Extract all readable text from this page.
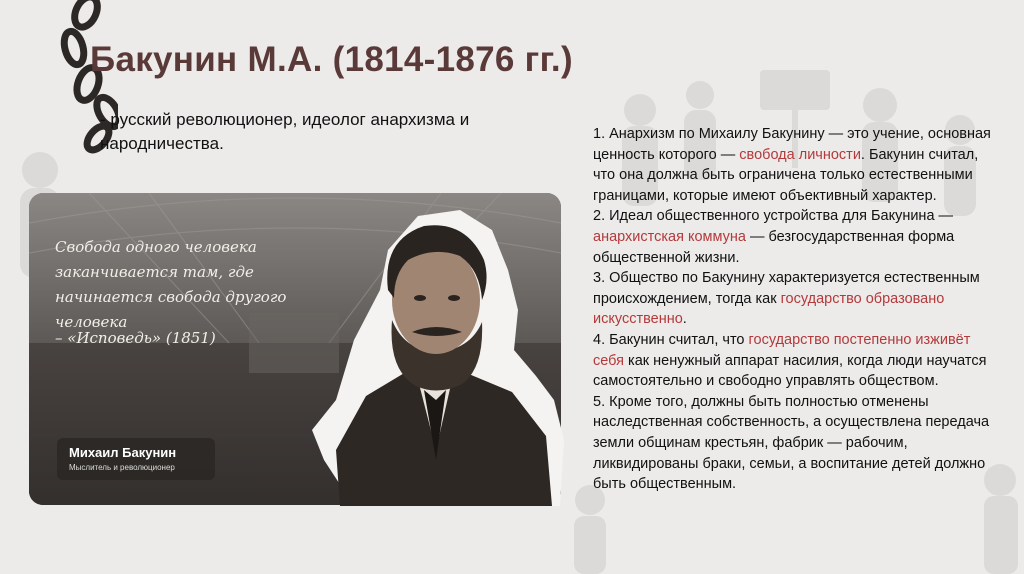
Бакунин М.А. (1814-1876 гг.)
- русский революционер, идеолог анархизма и народничества.
Свобода одного человека заканчивается там, где начинается свобода другого человека
– «Исповедь» (1851)
Михаил Бакунин
Мыслитель и революционер

1. Анархизм по Михаилу Бакунину — это учение, основная ценность которого — свобода личности. Бакунин считал, что она должна быть ограничена только естественными границами, которые имеют объективный характер.

2. Идеал общественного устройства для Бакунина — анархистская коммуна — безгосударственная форма общественной жизни.

3. Общество по Бакунину характеризуется естественным происхождением, тогда как государство образовано искусственно.

4. Бакунин считал, что государство постепенно изживёт себя как ненужный аппарат насилия, когда люди научатся самостоятельно и свободно управлять обществом.

5. Кроме того, должны быть полностью отменены наследственная собственность, а осуществлена передача земли общинам крестьян, фабрик — рабочим, ликвидированы браки, семьи, а воспитание детей должно быть общественным.
